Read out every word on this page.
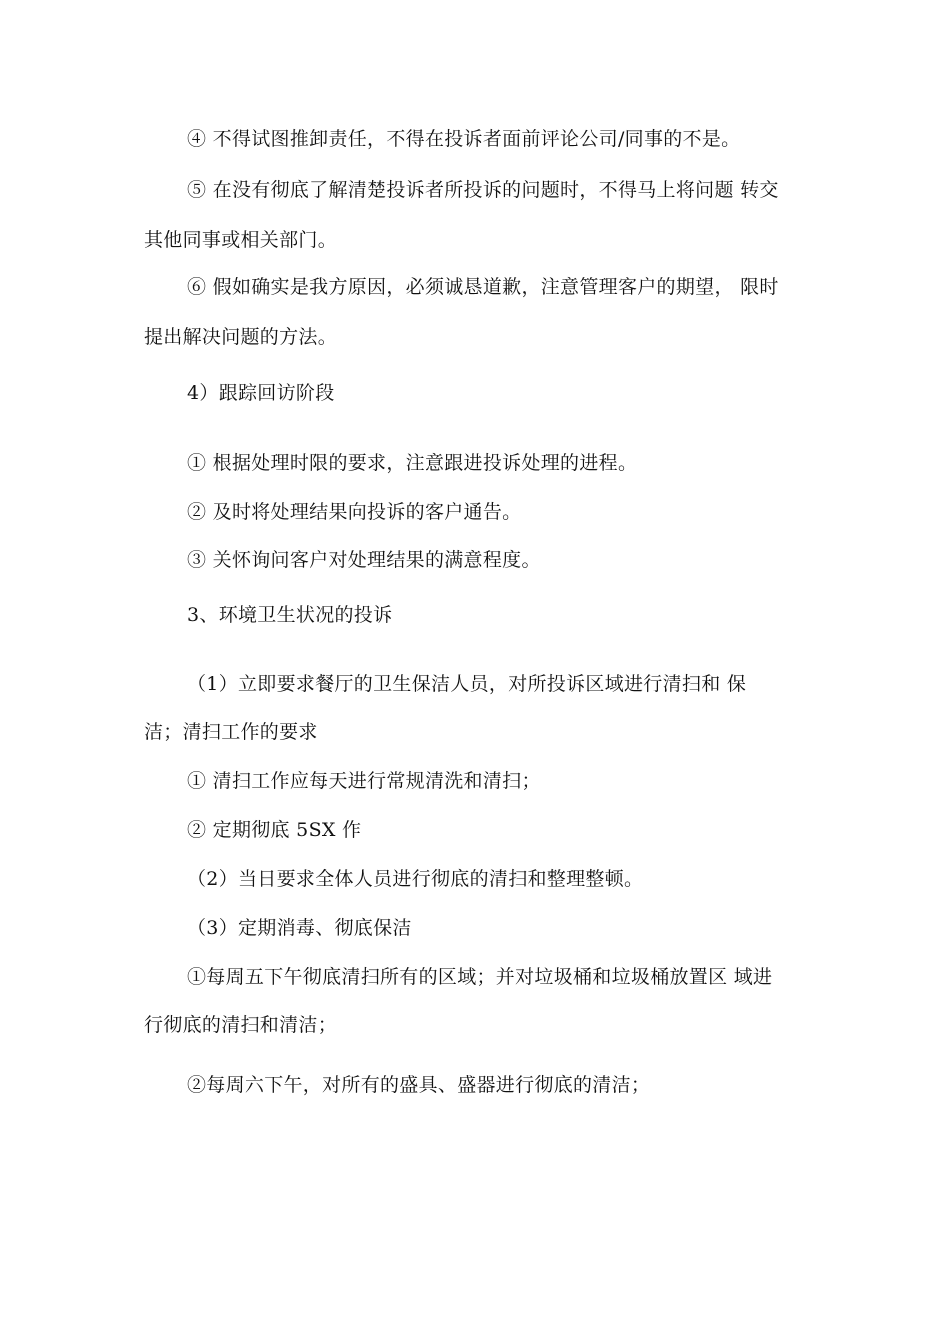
④ 不得试图推卸责任，不得在投诉者面前评论公司/同事的不是。
⑤ 在没有彻底了解清楚投诉者所投诉的问题时，不得马上将问题 转交
其他同事或相关部门。
⑥ 假如确实是我方原因，必须诚恳道歉，注意管理客户的期望， 限时
提出解决问题的方法。
4）跟踪回访阶段
① 根据处理时限的要求，注意跟进投诉处理的进程。
② 及时将处理结果向投诉的客户通告。
③ 关怀询问客户对处理结果的满意程度。
3、环境卫生状况的投诉
（1）立即要求餐厅的卫生保洁人员，对所投诉区域进行清扫和 保
洁；清扫工作的要求
① 清扫工作应每天进行常规清洗和清扫；
② 定期彻底 5SX 作
（2）当日要求全体人员进行彻底的清扫和整理整顿。
（3）定期消毒、彻底保洁
①每周五下午彻底清扫所有的区域；并对垃圾桶和垃圾桶放置区 域进
行彻底的清扫和清洁；
②每周六下午，对所有的盛具、盛器进行彻底的清洁；
